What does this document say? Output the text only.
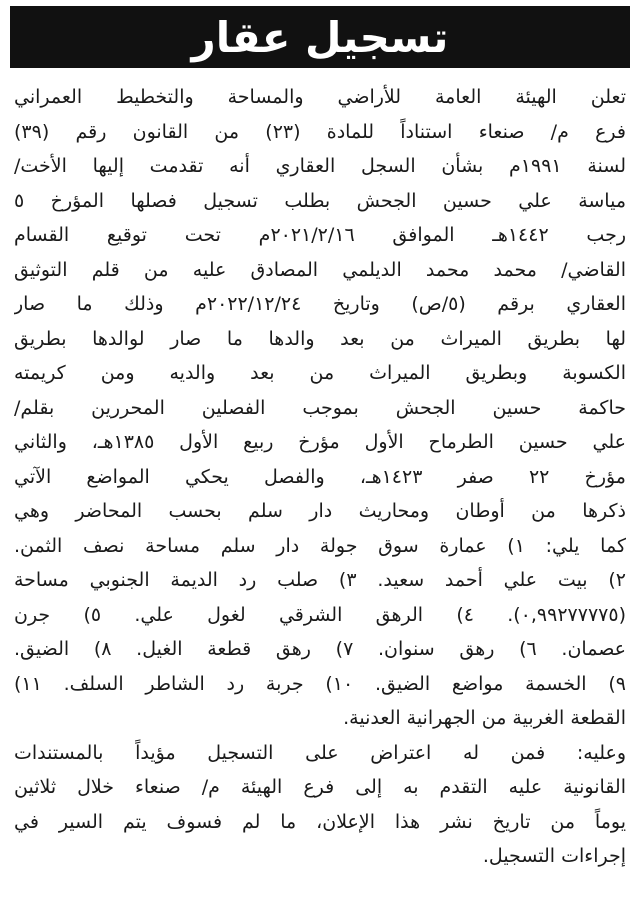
تسجيل عقار
تعلن الهيئة العامة للأراضي والمساحة والتخطيط العمراني
فرع م/ صنعاء استناداً للمادة (٢٣) من القانون رقم (٣٩)
لسنة ١٩٩١م بشأن السجل العقاري أنه تقدمت إليها الأخت/
مياسة علي حسين الجحش بطلب تسجيل فصلها المؤرخ ٥
رجب ١٤٤٢هـ الموافق ٢٠٢١/٢/١٦م تحت توقيع القسام
القاضي/ محمد محمد الديلمي المصادق عليه من قلم التوثيق
العقاري برقم (٥/ص) وتاريخ ٢٠٢٢/١٢/٢٤م وذلك ما صار
لها بطريق الميراث من بعد والدها ما صار لوالدها بطريق
الكسوبة وبطريق الميراث من بعد والديه ومن كريمته
حاكمة حسين الجحش بموجب الفصلين المحررين بقلم/
علي حسين الطرماح الأول مؤرخ ربيع الأول ١٣٨٥هـ، والثاني
مؤرخ ٢٢ صفر ١٤٢٣هـ، والفصل يحكي المواضع الآتي
ذكرها من أوطان ومحاريث دار سلم بحسب المحاضر وهي
كما يلي: ١) عمارة سوق جولة دار سلم مساحة نصف الثمن.
٢) بيت علي أحمد سعيد. ٣) صلب رد الديمة الجنوبي مساحة
(٠,٩٩٢٧٧٧٧٥). ٤) الرهق الشرقي لغول علي. ٥) جرن
عصمان. ٦) رهق سنوان. ٧) رهق قطعة الغيل. ٨) الضيق.
٩) الخسمة مواضع الضيق. ١٠) جربة رد الشاطر السلف. ١١)
القطعة الغربية من الجهرانية العدنية.
وعليه: فمن له اعتراض على التسجيل مؤيداً بالمستندات
القانونية عليه التقدم به إلى فرع الهيئة م/ صنعاء خلال ثلاثين
يوماً من تاريخ نشر هذا الإعلان، ما لم فسوف يتم السير في
إجراءات التسجيل.
